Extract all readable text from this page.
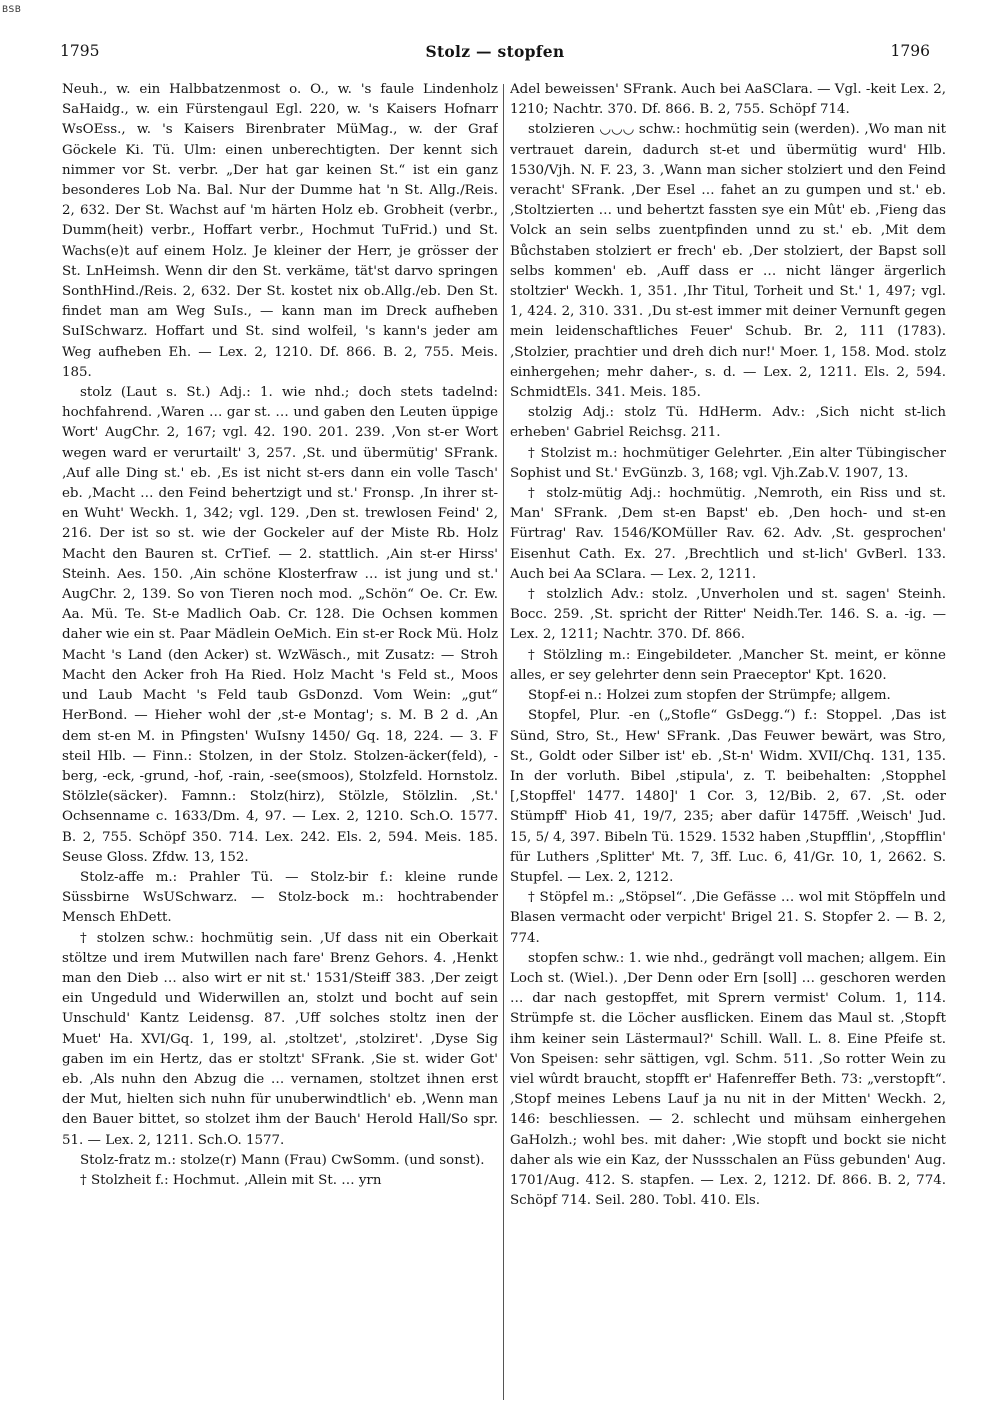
BSB
1795	Stolz — stopfen	1796

Neuh., w. ein Halbbatzenmost o. O., w. 's faule Lindenholz SaHaidg., w. ein Fürstengaul Egl. 220, w. 's Kaisers Hofnarr WsOEss., w. 's Kaisers Birenbrater MüMag., w. der Graf Göckele Ki. Tü. Ulm: einen unberechtigten. Der kennt sich nimmer vor St. verbr. „Der hat gar keinen St.“ ist ein ganz besonderes Lob Na. Bal. Nur der Dumme hat 'n St. Allg./Reis. 2, 632. Der St. Wachst auf 'm härten Holz eb. Grobheit (verbr., Dumm(heit) verbr., Hoffart verbr., Hochmut TuFrid.) und St. Wachs(e)t auf einem Holz. Je kleiner der Herr, je grösser der St. LnHeimsh. Wenn dir den St. verkäme, tät'st darvo springen SonthHind./Reis. 2, 632. Der St. kostet nix ob.Allg./eb. Den St. findet man am Weg SuIs., — kann man im Dreck aufheben SuISchwarz. Hoffart und St. sind wolfeil, 's kann's jeder am Weg aufheben Eh. — Lex. 2, 1210. Df. 866. B. 2, 755. Meis. 185.

stolz (Laut s. St.) Adj.: 1. wie nhd.; doch stets tadelnd: hochfahrend. ‚Waren … gar st. … und gaben den Leuten üppige Wort' AugChr. 2, 167; vgl. 42. 190. 201. 239. ‚Von st-er Wort wegen ward er verurtailt' 3, 257. ‚St. und übermütig' SFrank. ‚Auf alle Ding st.' eb. ‚Es ist nicht st-ers dann ein volle Tasch' eb. ‚Macht … den Feind behertzigt und st.' Fronsp. ‚In ihrer st-en Wuht' Weckh. 1, 342; vgl. 129. ‚Den st. trewlosen Feind' 2, 216. Der ist so st. wie der Gockeler auf der Miste Rb. Holz Macht den Bauren st. CrTief. — 2. stattlich. ‚Ain st-er Hirss' Steinh. Aes. 150. ‚Ain schöne Klosterfraw … ist jung und st.' AugChr. 2, 139. So von Tieren noch mod. „Schön“ Oe. Cr. Ew. Aa. Mü. Te. St-e Madlich Oab. Cr. 128. Die Ochsen kommen daher wie ein st. Paar Mädlein OeMich. Ein st-er Rock Mü. Holz Macht 's Land (den Acker) st. WzWäsch., mit Zusatz: — Stroh Macht den Acker froh Ha Ried. Holz Macht 's Feld st., Moos und Laub Macht 's Feld taub GsDonzd. Vom Wein: „gut“ HerBond. — Hieher wohl der ‚st-e Montag'; s. M. B 2 d. ‚An dem st-en M. in Pfingsten' WuIsny 1450/ Gq. 18, 224. — 3. F steil Hlb. — Finn.: Stolzen, in der Stolz. Stolzen-äcker(feld), -berg, -eck, -grund, -hof, -rain, -see(smoos), Stolzfeld. Hornstolz. Stölzle(säcker). Famnn.: Stolz(hirz), Stölzle, Stölzlin. ‚St.' Ochsenname c. 1633/Dm. 4, 97. — Lex. 2, 1210. Sch.O. 1577. B. 2, 755. Schöpf 350. 714. Lex. 242. Els. 2, 594. Meis. 185. Seuse Gloss. Zfdw. 13, 152.

Stolz-affe m.: Prahler Tü. — Stolz-bir f.: kleine runde Süssbirne WsUSchwarz. — Stolz-bock m.: hochtrabender Mensch EhDett.

† stolzen schw.: hochmütig sein. ‚Uf dass nit ein Oberkait stöltze und irem Mutwillen nach fare' Brenz Gehors. 4. ‚Henkt man den Dieb … also wirt er nit st.' 1531/Steiff 383. ‚Der zeigt ein Ungeduld und Widerwillen an, stolzt und bocht auf sein Unschuld' Kantz Leidensg. 87. ‚Uff solches stoltz inen der Muet' Ha. XVI/Gq. 1, 199, al. ‚stoltzet', ‚stolziret'. ‚Dyse Sig gaben im ein Hertz, das er stoltzt' SFrank. ‚Sie st. wider Got' eb. ‚Als nuhn den Abzug die … vernamen, stoltzet ihnen erst der Mut, hielten sich nuhn für unuberwindtlich' eb. ‚Wenn man den Bauer bittet, so stolzet ihm der Bauch' Herold Hall/So spr. 51. — Lex. 2, 1211. Sch.O. 1577.

Stolz-fratz m.: stolze(r) Mann (Frau) CwSomm. (und sonst).

† Stolzheit f.: Hochmut. ‚Allein mit St. … yrn

Adel beweissen' SFrank. Auch bei AaSClara. — Vgl. -keit Lex. 2, 1210; Nachtr. 370. Df. 866. B. 2, 755. Schöpf 714.

stolzieren ◡◡◡ schw.: hochmütig sein (werden). ‚Wo man nit vertrauet darein, dadurch st-et und übermütig wurd' Hlb. 1530/Vjh. N. F. 23, 3. ‚Wann man sicher stolziert und den Feind veracht' SFrank. ‚Der Esel … fahet an zu gumpen und st.' eb. ‚Stoltzierten … und behertzt fassten sye ein Mût' eb. ‚Fieng das Volck an sein selbs zuentpfinden unnd zu st.' eb. ‚Mit dem Bůchstaben stolziert er frech' eb. ‚Der stolziert, der Bapst soll selbs kommen' eb. ‚Auff dass er … nicht länger ärgerlich stoltzier' Weckh. 1, 351. ‚Ihr Titul, Torheit und St.' 1, 497; vgl. 1, 424. 2, 310. 331. ‚Du st-est immer mit deiner Vernunft gegen mein leidenschaftliches Feuer' Schub. Br. 2, 111 (1783). ‚Stolzier, prachtier und dreh dich nur!' Moer. 1, 158. Mod. stolz einhergehen; mehr daher-, s. d. — Lex. 2, 1211. Els. 2, 594. SchmidtEls. 341. Meis. 185.

stolzig Adj.: stolz Tü. HdHerm. Adv.: ‚Sich nicht st-lich erheben' Gabriel Reichsg. 211.

† Stolzist m.: hochmütiger Gelehrter. ‚Ein alter Tübingischer Sophist und St.' EvGünzb. 3, 168; vgl. Vjh.Zab.V. 1907, 13.

† stolz-mütig Adj.: hochmütig. ‚Nemroth, ein Riss und st. Man' SFrank. ‚Dem st-en Bapst' eb. ‚Den hoch- und st-en Fürtrag' Rav. 1546/KOMüller Rav. 62. Adv. ‚St. gesprochen' Eisenhut Cath. Ex. 27. ‚Brechtlich und st-lich' GvBerl. 133. Auch bei Aa SClara. — Lex. 2, 1211.

† stolzlich Adv.: stolz. ‚Unverholen und st. sagen' Steinh. Bocc. 259. ‚St. spricht der Ritter' Neidh.Ter. 146. S. a. -ig. — Lex. 2, 1211; Nachtr. 370. Df. 866.

† Stölzling m.: Eingebildeter. ‚Mancher St. meint, er könne alles, er sey gelehrter denn sein Praeceptor' Kpt. 1620.

Stopf-ei n.: Holzei zum stopfen der Strümpfe; allgem.

Stopfel, Plur. -en („Stofle“ GsDegg.“) f.: Stoppel. ‚Das ist Sünd, Stro, St., Hew' SFrank. ‚Das Feuwer bewärt, was Stro, St., Goldt oder Silber ist' eb. ‚St-n' Widm. XVII/Chq. 131, 135. In der vorluth. Bibel ‚stipula', z. T. beibehalten: ‚Stopphel [‚Stopffel' 1477. 1480]' 1 Cor. 3, 12/Bib. 2, 67. ‚St. oder Stümpff' Hiob 41, 19/7, 235; aber dafür 1475ff. ‚Weisch' Jud. 15, 5/ 4, 397. Bibeln Tü. 1529. 1532 haben ‚Stupfflin', ‚Stopfflin' für Luthers ‚Splitter' Mt. 7, 3ff. Luc. 6, 41/Gr. 10, 1, 2662. S. Stupfel. — Lex. 2, 1212.

† Stöpfel m.: „Stöpsel“. ‚Die Gefässe … wol mit Stöpffeln und Blasen vermacht oder verpicht' Brigel 21. S. Stopfer 2. — B. 2, 774.

stopfen schw.: 1. wie nhd., gedrängt voll machen; allgem. Ein Loch st. (Wiel.). ‚Der Denn oder Ern [soll] … geschoren werden … dar nach gestopffet, mit Sprern vermist' Colum. 1, 114. Strümpfe st. die Löcher ausflicken. Einem das Maul st. ‚Stopft ihm keiner sein Lästermaul?' Schill. Wall. L. 8. Eine Pfeife st. Von Speisen: sehr sättigen, vgl. Schm. 511. ‚So rotter Wein zu viel wûrdt braucht, stopfft er' Hafenreffer Beth. 73: „verstopft“. ‚Stopf meines Lebens Lauf ja nu nit in der Mitten' Weckh. 2, 146: beschliessen. — 2. schlecht und mühsam einhergehen GaHolzh.; wohl bes. mit daher: ‚Wie stopft und bockt sie nicht daher als wie ein Kaz, der Nussschalen an Füss gebunden' Aug. 1701/Aug. 412. S. stapfen. — Lex. 2, 1212. Df. 866. B. 2, 774. Schöpf 714. Seil. 280. Tobl. 410. Els.
